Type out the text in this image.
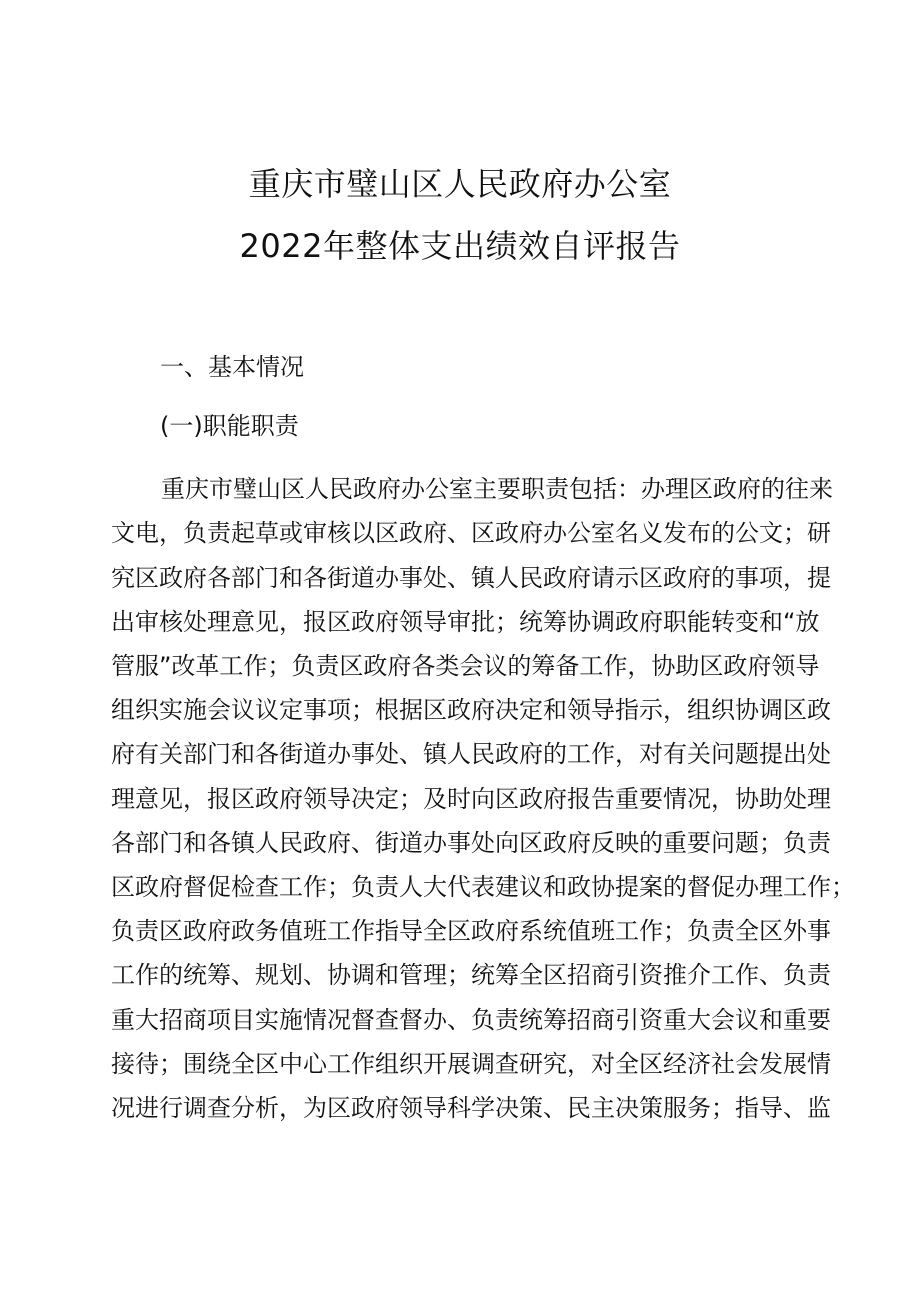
重庆市璧山区人民政府办公室
2022年整体支出绩效自评报告
一、基本情况
(一)职能职责
重庆市璧山区人民政府办公室主要职责包括：办理区政府的往来
文电，负责起草或审核以区政府、区政府办公室名义发布的公文；研
究区政府各部门和各街道办事处、镇人民政府请示区政府的事项，提
出审核处理意见，报区政府领导审批；统筹协调政府职能转变和“放
管服”改革工作；负责区政府各类会议的筹备工作，协助区政府领导
组织实施会议议定事项；根据区政府决定和领导指示，组织协调区政
府有关部门和各街道办事处、镇人民政府的工作，对有关问题提出处
理意见，报区政府领导决定；及时向区政府报告重要情况，协助处理
各部门和各镇人民政府、街道办事处向区政府反映的重要问题；负责
区政府督促检查工作；负责人大代表建议和政协提案的督促办理工作；
负责区政府政务值班工作指导全区政府系统值班工作；负责全区外事
工作的统筹、规划、协调和管理；统筹全区招商引资推介工作、负责
重大招商项目实施情况督查督办、负责统筹招商引资重大会议和重要
接待；围绕全区中心工作组织开展调查研究，对全区经济社会发展情
况进行调查分析，为区政府领导科学决策、民主决策服务；指导、监
